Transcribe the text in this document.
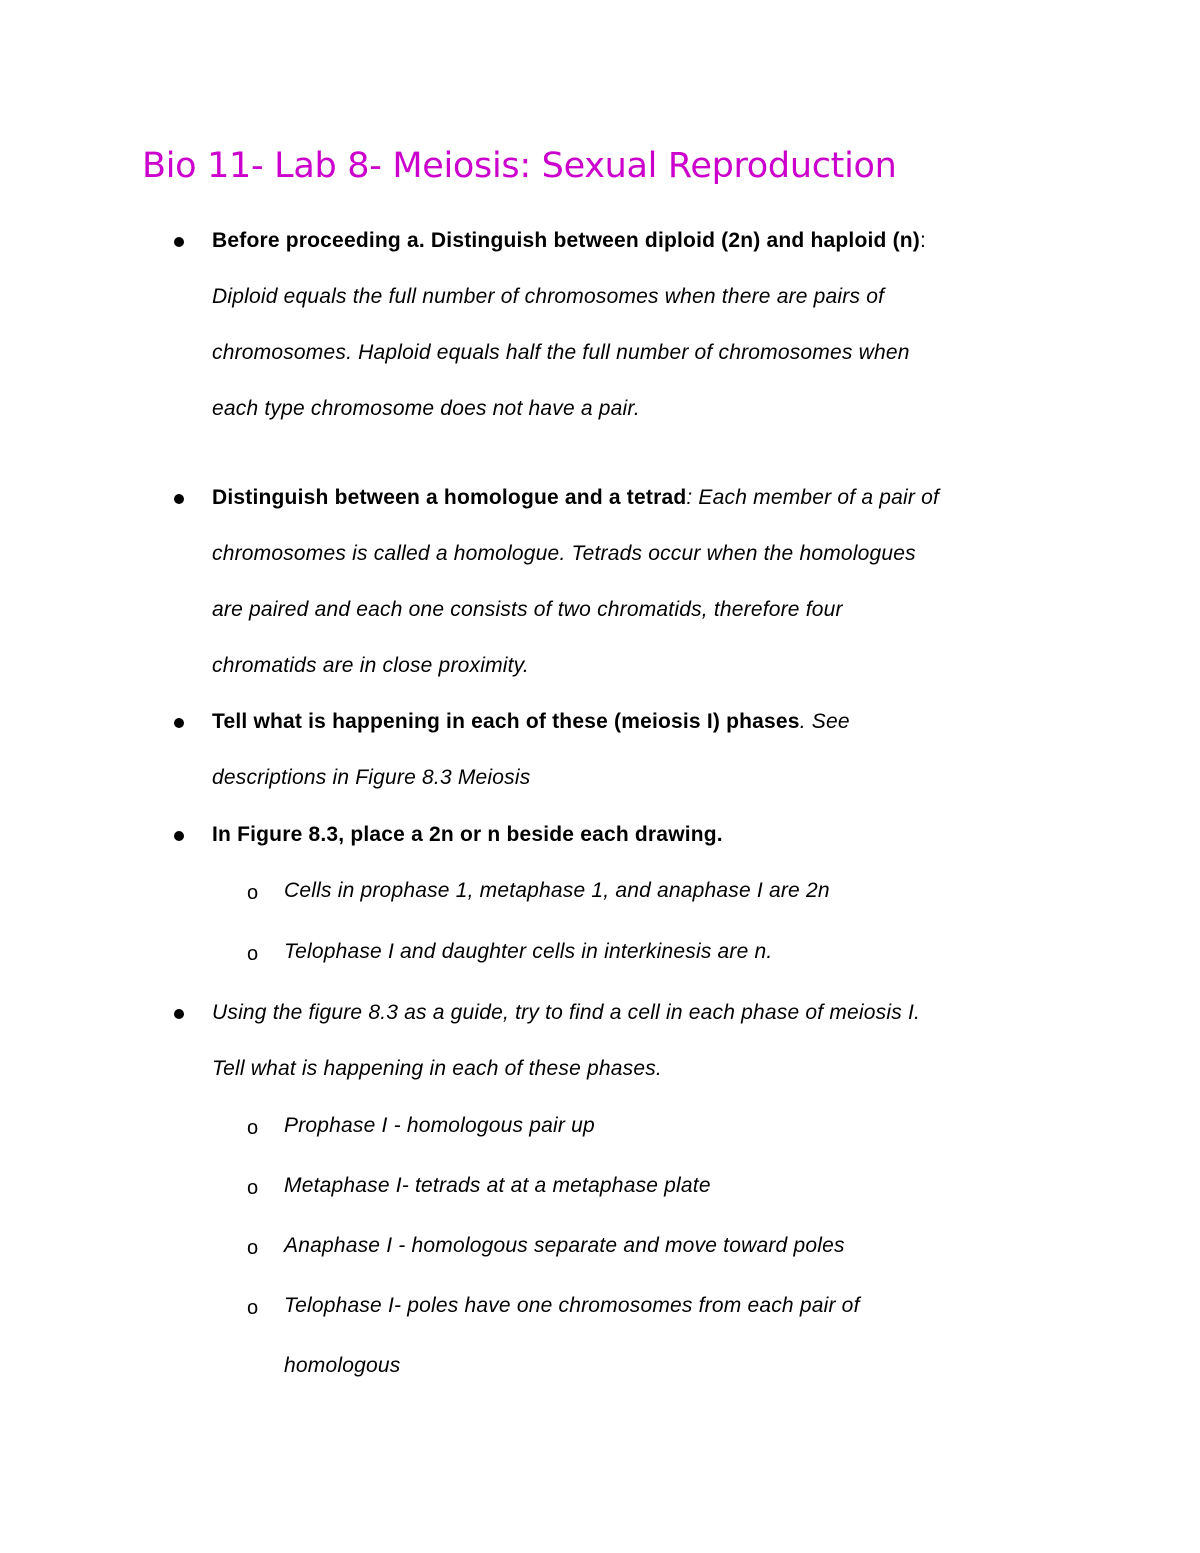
Bio 11- Lab 8- Meiosis: Sexual Reproduction
Before proceeding a. Distinguish between diploid (2n) and haploid (n):
Diploid equals the full number of chromosomes when there are pairs of
chromosomes. Haploid equals half the full number of chromosomes when
each type chromosome does not have a pair.
Distinguish between a homologue and a tetrad: Each member of a pair of
chromosomes is called a homologue. Tetrads occur when the homologues
are paired and each one consists of two chromatids, therefore four
chromatids are in close proximity.
Tell what is happening in each of these (meiosis I) phases. See
descriptions in Figure 8.3 Meiosis
In Figure 8.3, place a 2n or n beside each drawing.
o Cells in prophase 1, metaphase 1, and anaphase I are 2n
o Telophase I and daughter cells in interkinesis are n.
Using the figure 8.3 as a guide, try to find a cell in each phase of meiosis I.
Tell what is happening in each of these phases.
o Prophase I - homologous pair up
o Metaphase I- tetrads at at a metaphase plate
o Anaphase I - homologous separate and move toward poles
o Telophase I- poles have one chromosomes from each pair of
homologous
